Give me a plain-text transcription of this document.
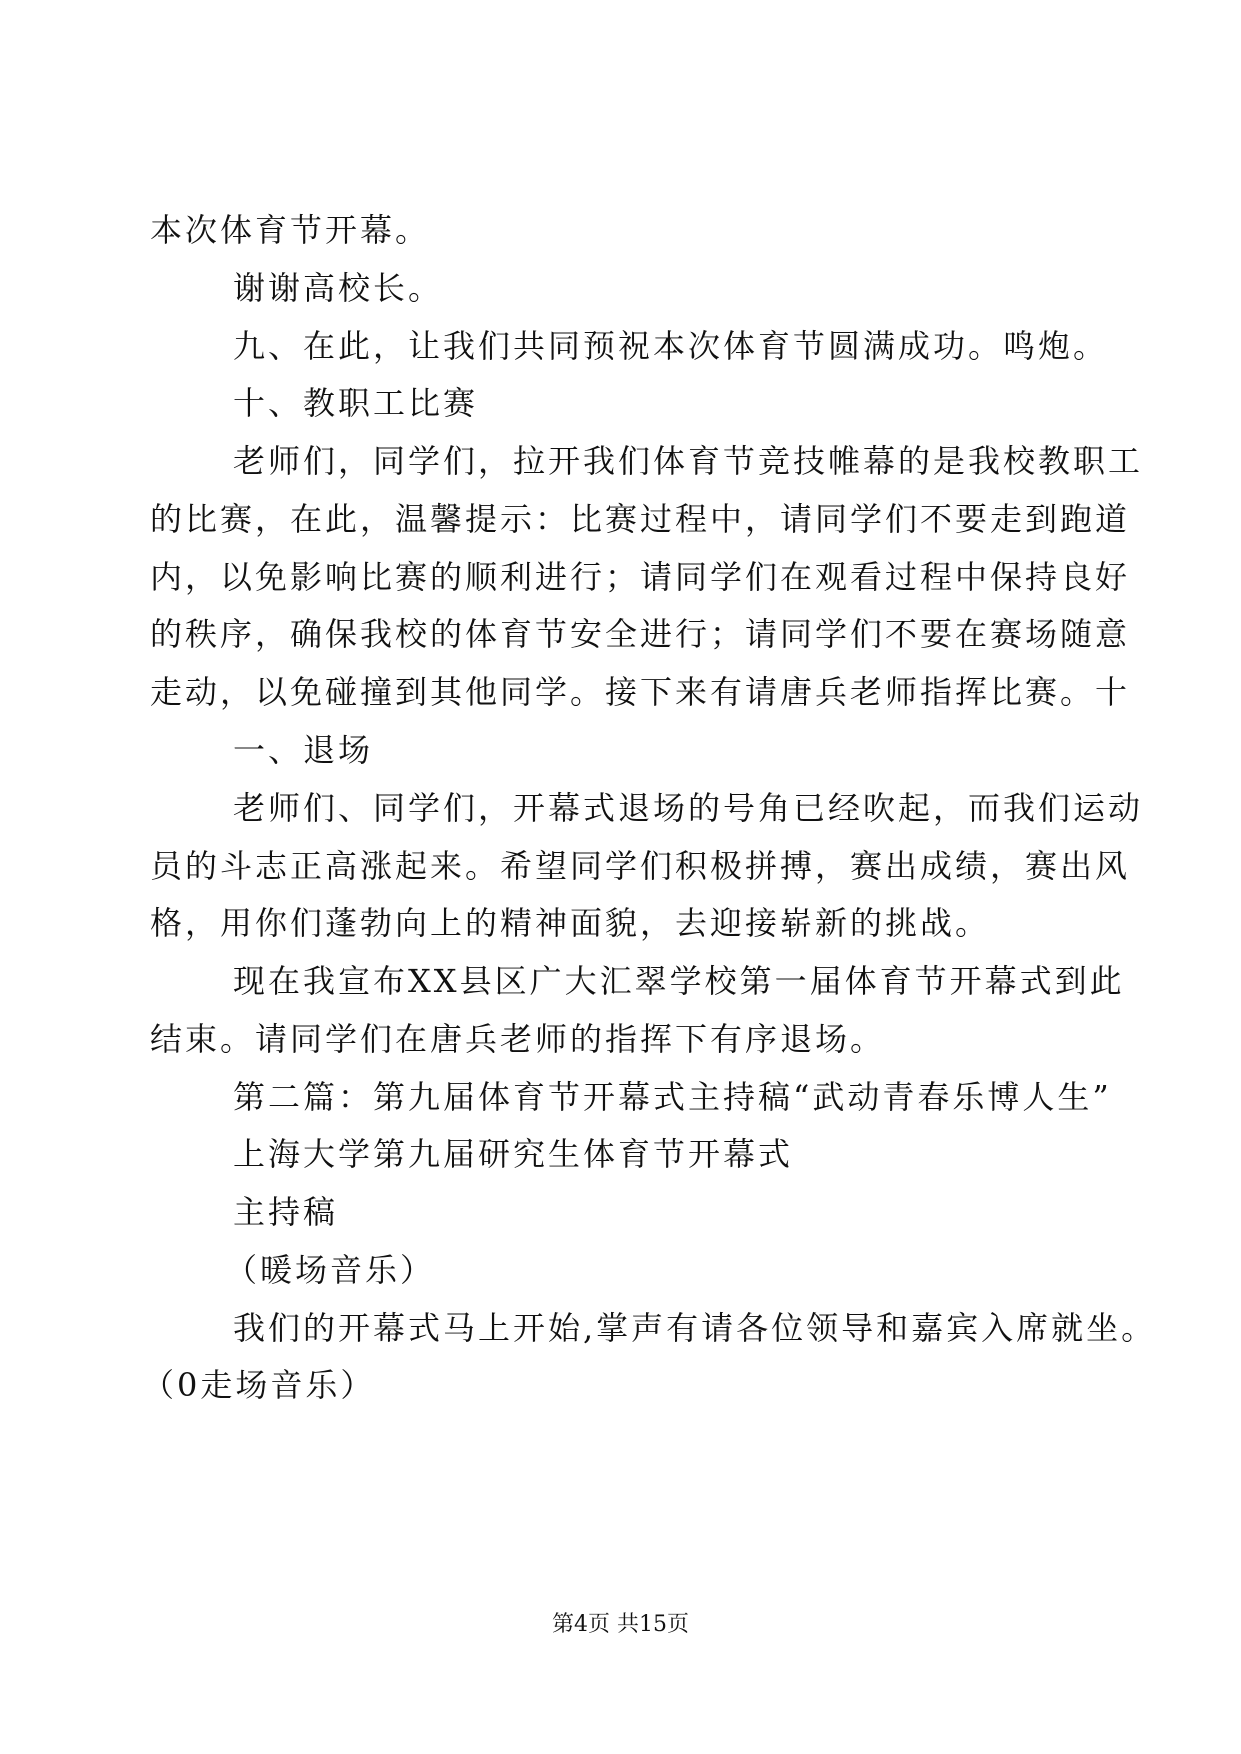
本次体育节开幕。
谢谢高校长。
九、在此，让我们共同预祝本次体育节圆满成功。鸣炮。
十、教职工比赛
老师们，同学们，拉开我们体育节竞技帷幕的是我校教职工
的比赛，在此，温馨提示：比赛过程中，请同学们不要走到跑道
内，以免影响比赛的顺利进行；请同学们在观看过程中保持良好
的秩序，确保我校的体育节安全进行；请同学们不要在赛场随意
走动，以免碰撞到其他同学。接下来有请唐兵老师指挥比赛。十
一、退场
老师们、同学们，开幕式退场的号角已经吹起，而我们运动
员的斗志正高涨起来。希望同学们积极拼搏，赛出成绩，赛出风
格，用你们蓬勃向上的精神面貌，去迎接崭新的挑战。
现在我宣布XX县区广大汇翠学校第一届体育节开幕式到此
结束。请同学们在唐兵老师的指挥下有序退场。
第二篇：第九届体育节开幕式主持稿“武动青春乐博人生”
上海大学第九届研究生体育节开幕式
主持稿
（暖场音乐）
我们的开幕式马上开始,掌声有请各位领导和嘉宾入席就坐。
（0走场音乐）
第4页 共15页
